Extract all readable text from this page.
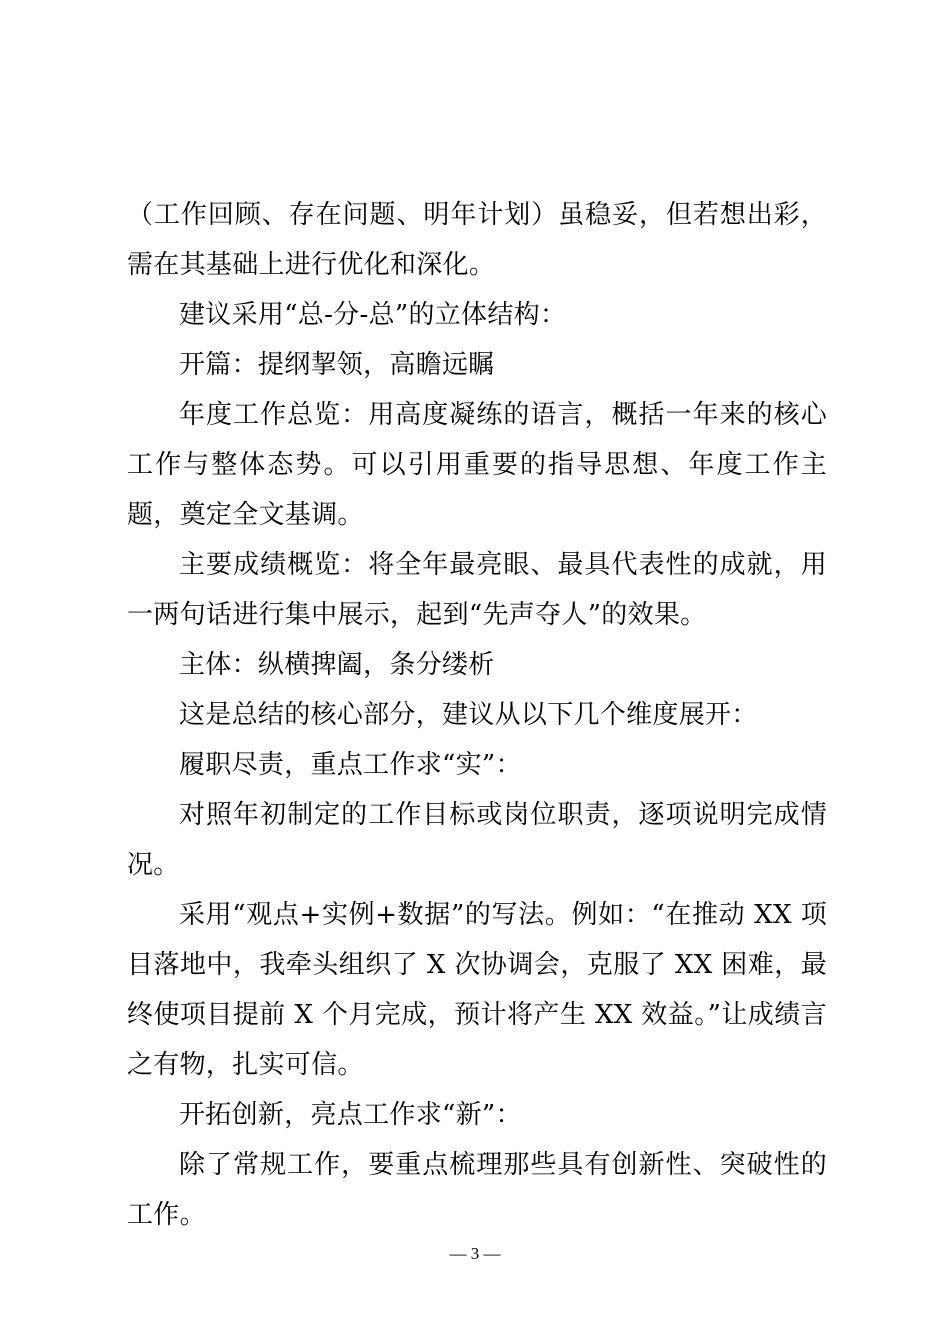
（工作回顾、存在问题、明年计划）虽稳妥，但若想出彩，需在其基础上进行优化和深化。

建议采用“总-分-总”的立体结构：

开篇：提纲挈领，高瞻远瞩

年度工作总览：用高度凝练的语言，概括一年来的核心工作与整体态势。可以引用重要的指导思想、年度工作主题，奠定全文基调。

主要成绩概览：将全年最亮眼、最具代表性的成就，用一两句话进行集中展示，起到“先声夺人”的效果。

主体：纵横捭阖，条分缕析

这是总结的核心部分，建议从以下几个维度展开：

履职尽责，重点工作求“实”：

对照年初制定的工作目标或岗位职责，逐项说明完成情况。

采用“观点+实例+数据”的写法。例如：“在推动 XX 项目落地中，我牵头组织了 X 次协调会，克服了 XX 困难，最终使项目提前 X 个月完成，预计将产生 XX 效益。”让成绩言之有物，扎实可信。

开拓创新，亮点工作求“新”：

除了常规工作，要重点梳理那些具有创新性、突破性的工作。

— 3 —
